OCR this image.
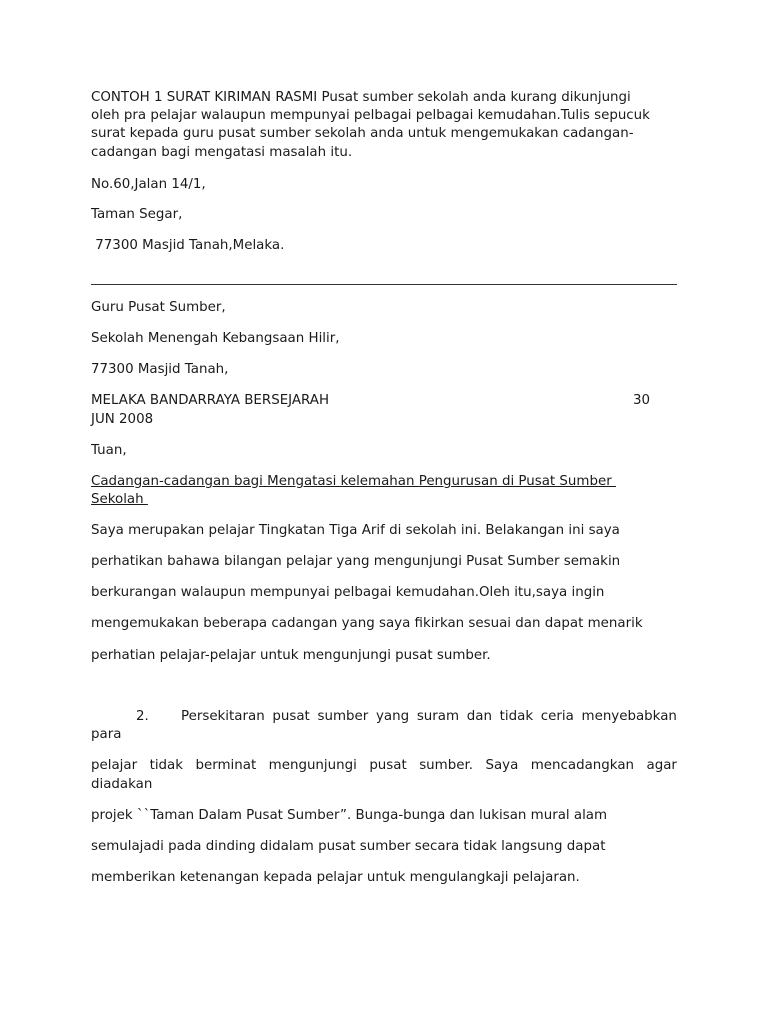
CONTOH 1 SURAT KIRIMAN RASMI Pusat sumber sekolah anda kurang dikunjungi
oleh pra pelajar walaupun mempunyai pelbagai pelbagai kemudahan.Tulis sepucuk
surat kepada guru pusat sumber sekolah anda untuk mengemukakan cadangan-
cadangan bagi mengatasi masalah itu.
No.60,Jalan 14/1,
Taman Segar,
77300 Masjid Tanah,Melaka.
Guru Pusat Sumber,
Sekolah Menengah Kebangsaan Hilir,
77300 Masjid Tanah,
MELAKA BANDARRAYA BERSEJARAH	30
JUN 2008
Tuan,
Cadangan-cadangan bagi Mengatasi kelemahan Pengurusan di Pusat Sumber
Sekolah
Saya merupakan pelajar Tingkatan Tiga Arif di sekolah ini. Belakangan ini saya
perhatikan bahawa bilangan pelajar yang mengunjungi Pusat Sumber semakin
berkurangan walaupun mempunyai pelbagai kemudahan.Oleh itu,saya ingin
mengemukakan beberapa cadangan yang saya fikirkan sesuai dan dapat menarik
perhatian pelajar-pelajar untuk mengunjungi pusat sumber.
2. Persekitaran pusat sumber yang suram dan tidak ceria menyebabkan
para
pelajar tidak berminat mengunjungi pusat sumber. Saya mencadangkan agar
diadakan
projek ``Taman Dalam Pusat Sumber”. Bunga-bunga dan lukisan mural alam
semulajadi pada dinding didalam pusat sumber secara tidak langsung dapat
memberikan ketenangan kepada pelajar untuk mengulangkaji pelajaran.
